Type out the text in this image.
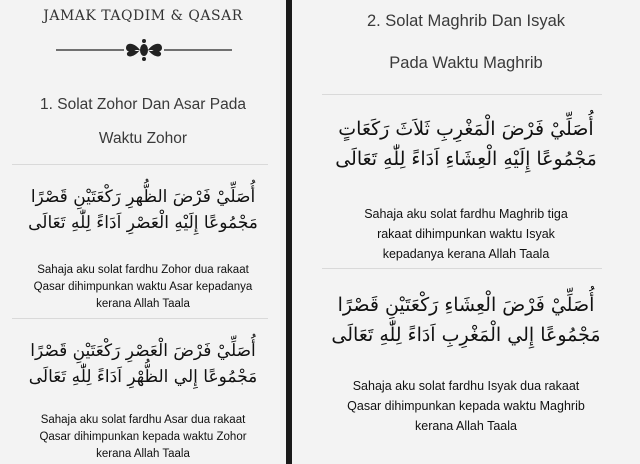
JAMAK TAQDIM & QASAR
1. Solat Zohor Dan Asar Pada
Waktu Zohor
أُصَلِّيْ فَرْضَ الظُّهرِ رَكْعَتَيْنِ قَصْرًا
مَجْمُوعًا إِلَيْهِ الْعَصْرِ اَدَاءً لِلّٰهِ تَعَالَى
Sahaja aku solat fardhu Zohor dua rakaat
Qasar dihimpunkan waktu Asar kepadanya
kerana Allah Taala
أُصَلِّيْ فَرْضَ الْعَصْرِ رَكْعَتَيْنِ قَصْرًا
مَجْمُوعًا إِلي الظُّهْرِ اَدَاءً لِلّٰهِ تَعَالَى
Sahaja aku solat fardhu Asar dua rakaat
Qasar dihimpunkan kepada waktu Zohor
kerana Allah Taala
2. Solat Maghrib Dan Isyak
Pada Waktu Maghrib
أُصَلِّيْ فَرْضَ الْمَغْرِبِ ثَلاَثَ رَكَعَاتٍ
مَجْمُوعًا إِلَيْهِ الْعِشَاءِ اَدَاءً لِلّٰهِ تَعَالَى
Sahaja aku solat fardhu Maghrib tiga
rakaat dihimpunkan waktu Isyak
kepadanya kerana Allah Taala
أُصَلِّيْ فَرْضَ الْعِشَاءِ رَكْعَتَيْنِ قَصْرًا
مَجْمُوعًا إِلي الْمَغْرِبِ اَدَاءً لِلّٰهِ تَعَالَى
Sahaja aku solat fardhu Isyak dua rakaat
Qasar dihimpunkan kepada waktu Maghrib
kerana Allah Taala
